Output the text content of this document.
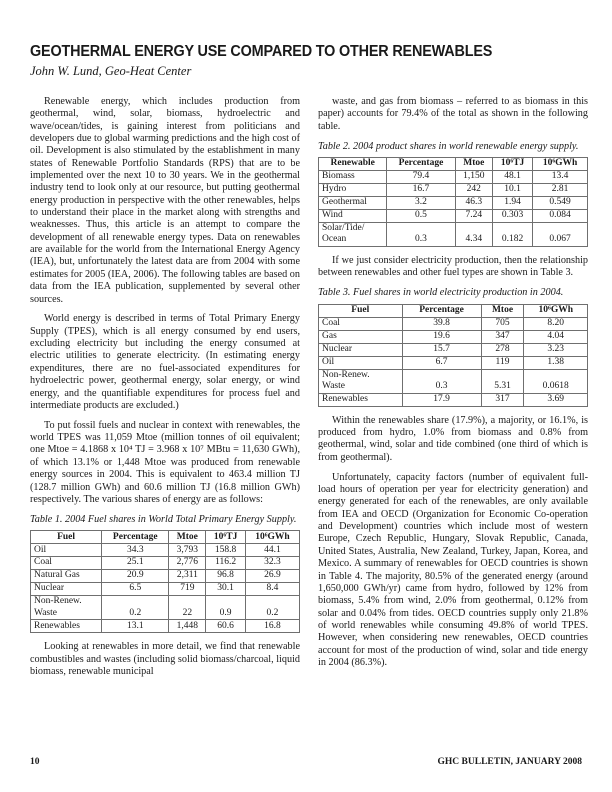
GEOTHERMAL ENERGY USE COMPARED TO OTHER RENEWABLES

John W. Lund, Geo-Heat Center

Renewable energy, which includes production from geothermal, wind, solar, biomass, hydroelectric and wave/ocean/tides, is gaining interest from politicians and developers due to global warming predictions and the high cost of oil. Development is also stimulated by the establishment in many states of Renewable Portfolio Standards (RPS) that are to be implemented over the next 10 to 30 years. We in the geothermal industry tend to look only at our resource, but putting geothermal energy production in perspective with the other renewables, helps to understand their place in the market along with strengths and weaknesses. Thus, this article is an attempt to compare the development of all renewable energy types. Data on renewables are available for the world from the International Energy Agency (IEA), but, unfortunately the latest data are from 2004 with some estimates for 2005 (IEA, 2006). The following tables are based on data from the IEA publication, supplemented by several other sources.

World energy is described in terms of Total Primary Energy Supply (TPES), which is all energy consumed by end users, excluding electricity but including the energy consumed at electric utilities to generate electricity. (In estimating energy expenditures, there are no fuel-associated expenditures for hydroelectric power, geothermal energy, solar energy, or wind energy, and the quantifiable expenditures for process fuel and intermediate products are excluded.)

To put fossil fuels and nuclear in context with renewables, the world TPES was 11,059 Mtoe (million tonnes of oil equivalent; one Mtoe = 4.1868 x 10⁴ TJ = 3.968 x 10⁷ MBtu = 11,630 GWh), of which 13.1% or 1,448 Mtoe was produced from renewable energy sources in 2004. This is equivalent to 463.4 million TJ (128.7 million GWh) and 60.6 million TJ (16.8 million GWh) respectively. The various shares of energy are as follows:

Table 1. 2004 Fuel shares in World Total Primary Energy Supply.

Fuel	Percentage	Mtoe	10⁶TJ	10⁶GWh
Oil	34.3	3,793	158.8	44.1
Coal	25.1	2,776	116.2	32.3
Natural Gas	20.9	2,311	96.8	26.9
Nuclear	6.5	719	30.1	8.4
Non-Renew.
Waste	0.2	22	0.9	0.2
Renewables	13.1	1,448	60.6	16.8

Looking at renewables in more detail, we find that renewable combustibles and wastes (including solid biomass/charcoal, liquid biomass, renewable municipal

waste, and gas from biomass – referred to as biomass in this paper) accounts for 79.4% of the total as shown in the following table.

Table 2. 2004 product shares in world renewable energy supply.

Renewable	Percentage	Mtoe	10⁶TJ	10⁶GWh
Biomass	79.4	1,150	48.1	13.4
Hydro	16.7	242	10.1	2.81
Geothermal	3.2	46.3	1.94	0.549
Wind	0.5	7.24	0.303	0.084
Solar/Tide/
Ocean	0.3	4.34	0.182	0.067

If we just consider electricity production, then the relationship between renewables and other fuel types are shown in Table 3.

Table 3. Fuel shares in world electricity production in 2004.

Fuel	Percentage	Mtoe	10⁶GWh
Coal	39.8	705	8.20
Gas	19.6	347	4.04
Nuclear	15.7	278	3.23
Oil	6.7	119	1.38
Non-Renew.
Waste	0.3	5.31	0.0618
Renewables	17.9	317	3.69

Within the renewables share (17.9%), a majority, or 16.1%, is produced from hydro, 1.0% from biomass and 0.8% from geothermal, wind, solar and tide combined (one third of which is from geothermal).

Unfortunately, capacity factors (number of equivalent full-load hours of operation per year for electricity generation) and energy generated for each of the renewables, are only available from IEA and OECD (Organization for Economic Co-operation and Development) countries which include most of western Europe, Czech Republic, Hungary, Slovak Republic, Canada, United States, Australia, New Zealand, Turkey, Japan, Korea, and Mexico. A summary of renewables for OECD countries is shown in Table 4. The majority, 80.5% of the generated energy (around 1,650,000 GWh/yr) came from hydro, followed by 12% from biomass, 5.4% from wind, 2.0% from geothermal, 0.12% from solar and 0.04% from tides. OECD countries supply only 21.8% of world renewables while consuming 49.8% of world TPES. However, when considering new renewables, OECD countries account for most of the production of wind, solar and tide energy in 2004 (86.3%).

10	GHC BULLETIN, JANUARY 2008
